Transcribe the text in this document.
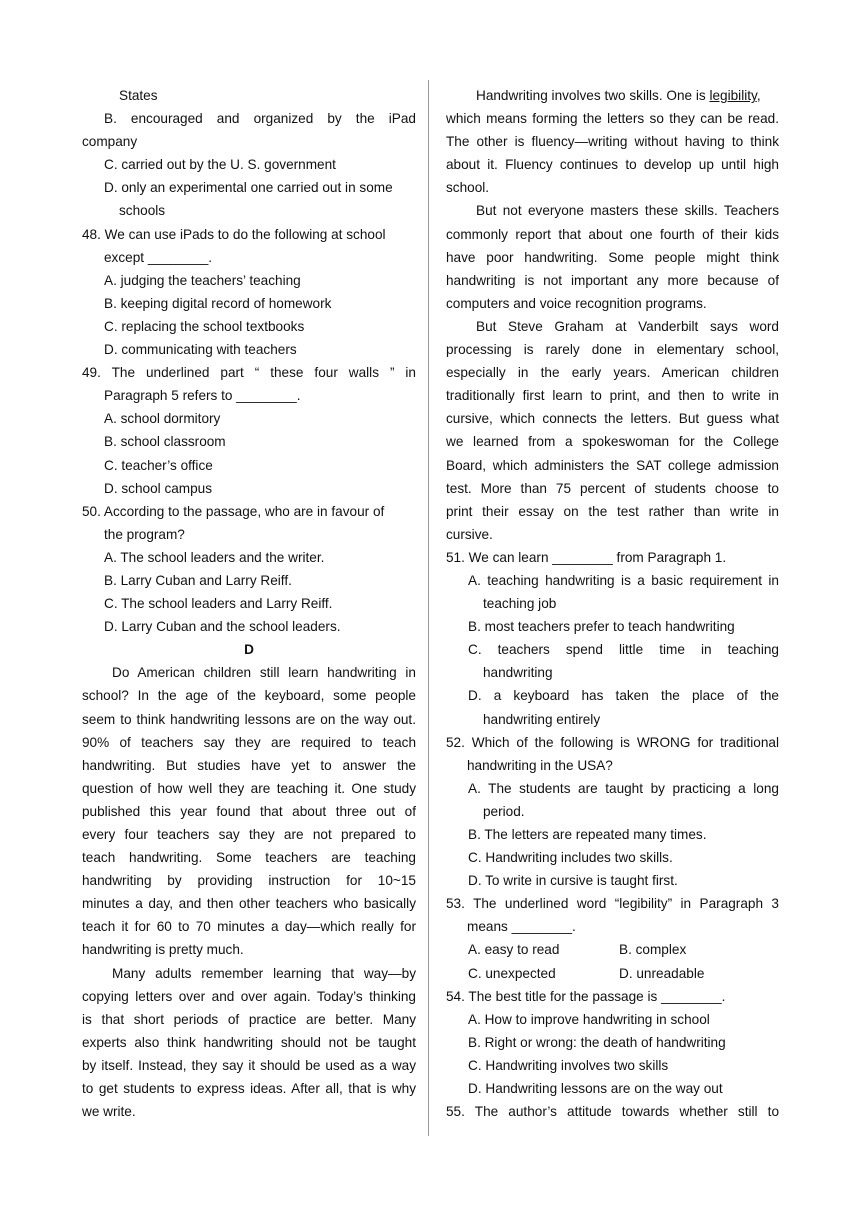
States
B. encouraged and organized by the iPad
company
C. carried out by the U. S. government
D. only an experimental one carried out in some
schools
48. We can use iPads to do the following at school
except ________.
A. judging the teachers’ teaching
B. keeping digital record of homework
C. replacing the school textbooks
D. communicating with teachers
49. The underlined part “ these four walls ” in
Paragraph 5 refers to ________.
A. school dormitory
B. school classroom
C. teacher’s office
D. school campus
50. According to the passage, who are in favour of
the program?
A. The school leaders and the writer.
B. Larry Cuban and Larry Reiff.
C. The school leaders and Larry Reiff.
D. Larry Cuban and the school leaders.
D
Do American children still learn handwriting in
school? In the age of the keyboard, some people
seem to think handwriting lessons are on the way out.
90% of teachers say they are required to teach
handwriting. But studies have yet to answer the
question of how well they are teaching it. One study
published this year found that about three out of
every four teachers say they are not prepared to
teach handwriting. Some teachers are teaching
handwriting by providing instruction for 10~15
minutes a day, and then other teachers who basically
teach it for 60 to 70 minutes a day—which really for
handwriting is pretty much.
Many adults remember learning that way—by
copying letters over and over again. Today’s thinking
is that short periods of practice are better. Many
experts also think handwriting should not be taught
by itself. Instead, they say it should be used as a way
to get students to express ideas. After all, that is why
we write.
Handwriting involves two skills. One is legibility,
which means forming the letters so they can be read.
The other is fluency—writing without having to think
about it. Fluency continues to develop up until high
school.
But not everyone masters these skills. Teachers
commonly report that about one fourth of their kids
have poor handwriting. Some people might think
handwriting is not important any more because of
computers and voice recognition programs.
But Steve Graham at Vanderbilt says word
processing is rarely done in elementary school,
especially in the early years. American children
traditionally first learn to print, and then to write in
cursive, which connects the letters. But guess what
we learned from a spokeswoman for the College
Board, which administers the SAT college admission
test. More than 75 percent of students choose to
print their essay on the test rather than write in
cursive.
51. We can learn ________ from Paragraph 1.
A. teaching handwriting is a basic requirement in
teaching job
B. most teachers prefer to teach handwriting
C. teachers spend little time in teaching
handwriting
D. a keyboard has taken the place of the
handwriting entirely
52. Which of the following is WRONG for traditional
handwriting in the USA?
A. The students are taught by practicing a long
period.
B. The letters are repeated many times.
C. Handwriting includes two skills.
D. To write in cursive is taught first.
53. The underlined word “legibility” in Paragraph 3
means ________.
A. easy to read	B. complex
C. unexpected	D. unreadable
54. The best title for the passage is ________.
A. How to improve handwriting in school
B. Right or wrong: the death of handwriting
C. Handwriting involves two skills
D. Handwriting lessons are on the way out
55. The author’s attitude towards whether still to
